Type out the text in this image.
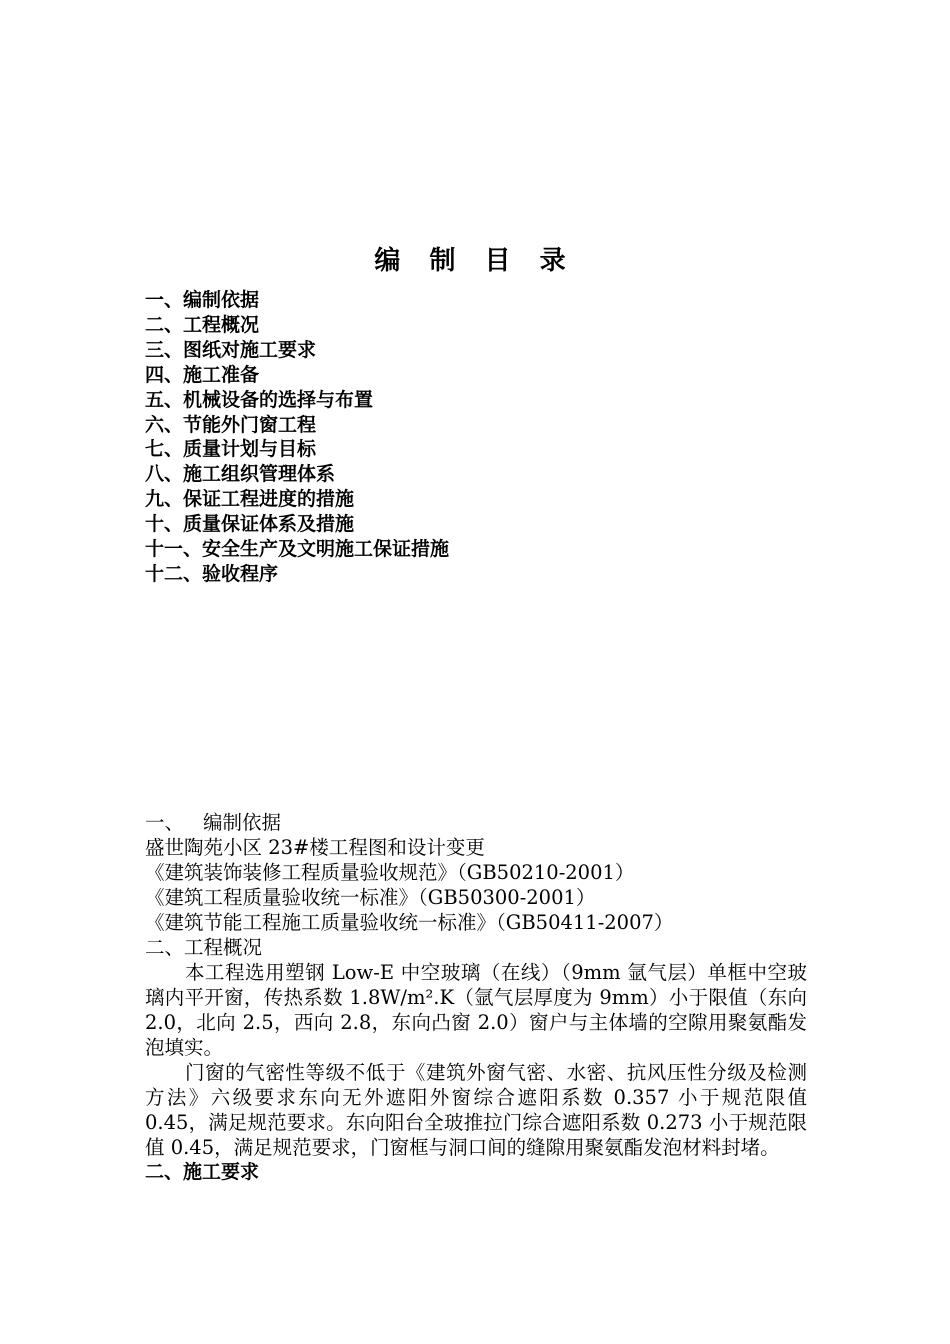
编 制 目 录
一、编制依据
二、工程概况
三、图纸对施工要求
四、施工准备
五、机械设备的选择与布置
六、节能外门窗工程
七、质量计划与目标
八、施工组织管理体系
九、保证工程进度的措施
十、质量保证体系及措施
十一、安全生产及文明施工保证措施
十二、验收程序

一、 编制依据

盛世陶苑小区 23#楼工程图和设计变更

《建筑装饰装修工程质量验收规范》（GB50210-2001）

《建筑工程质量验收统一标准》（GB50300-2001）

《建筑节能工程施工质量验收统一标准》（GB50411-2007）

二、工程概况

本工程选用塑钢 Low-E 中空玻璃（在线）（9mm 氩气层）单框中空玻璃内平开窗，传热系数 1.8W/m².K（氩气层厚度为 9mm）小于限值（东向 2.0，北向 2.5，西向 2.8，东向凸窗 2.0）窗户与主体墙的空隙用聚氨酯发泡填实。

门窗的气密性等级不低于《建筑外窗气密、水密、抗风压性分级及检测方法》六级要求东向无外遮阳外窗综合遮阳系数 0.357 小于规范限值 0.45，满足规范要求。东向阳台全玻推拉门综合遮阳系数 0.273 小于规范限值 0.45，满足规范要求，门窗框与洞口间的缝隙用聚氨酯发泡材料封堵。

二、施工要求
